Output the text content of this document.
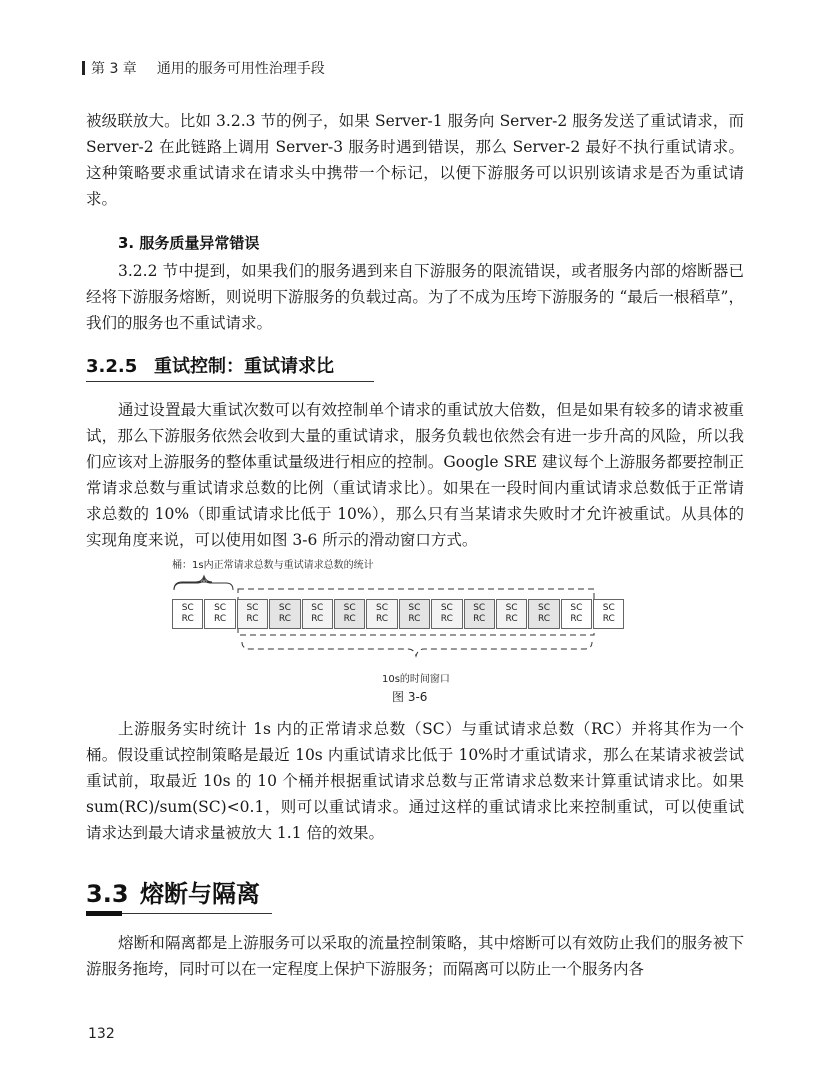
第 3 章 通用的服务可用性治理手段

被级联放大。比如 3.2.3 节的例子，如果 Server-1 服务向 Server-2 服务发送了重试请求，而 Server-2 在此链路上调用 Server-3 服务时遇到错误，那么 Server-2 最好不执行重试请求。这种策略要求重试请求在请求头中携带一个标记，以便下游服务可以识别该请求是否为重试请求。

3. 服务质量异常错误

3.2.2 节中提到，如果我们的服务遇到来自下游服务的限流错误，或者服务内部的熔断器已经将下游服务熔断，则说明下游服务的负载过高。为了不成为压垮下游服务的 “最后一根稻草”，我们的服务也不重试请求。

3.2.5 重试控制：重试请求比

通过设置最大重试次数可以有效控制单个请求的重试放大倍数，但是如果有较多的请求被重试，那么下游服务依然会收到大量的重试请求，服务负载也依然会有进一步升高的风险，所以我们应该对上游服务的整体重试量级进行相应的控制。Google SRE 建议每个上游服务都要控制正常请求总数与重试请求总数的比例（重试请求比）。如果在一段时间内重试请求总数低于正常请求总数的 10%（即重试请求比低于 10%），那么只有当某请求失败时才允许被重试。从具体的实现角度来说，可以使用如图 3-6 所示的滑动窗口方式。

桶：1s内正常请求总数与重试请求总数的统计
SC
RC
SC
RC
SC
RC
SC
RC
SC
RC
SC
RC
SC
RC
SC
RC
SC
RC
SC
RC
SC
RC
SC
RC
SC
RC
SC
RC
10s的时间窗口
图 3-6

上游服务实时统计 1s 内的正常请求总数（SC）与重试请求总数（RC）并将其作为一个桶。假设重试控制策略是最近 10s 内重试请求比低于 10%时才重试请求，那么在某请求被尝试重试前，取最近 10s 的 10 个桶并根据重试请求总数与正常请求总数来计算重试请求比。如果 sum(RC)/sum(SC)<0.1，则可以重试请求。通过这样的重试请求比来控制重试，可以使重试请求达到最大请求量被放大 1.1 倍的效果。

3.3 熔断与隔离

熔断和隔离都是上游服务可以采取的流量控制策略，其中熔断可以有效防止我们的服务被下游服务拖垮，同时可以在一定程度上保护下游服务；而隔离可以防止一个服务内各

132
